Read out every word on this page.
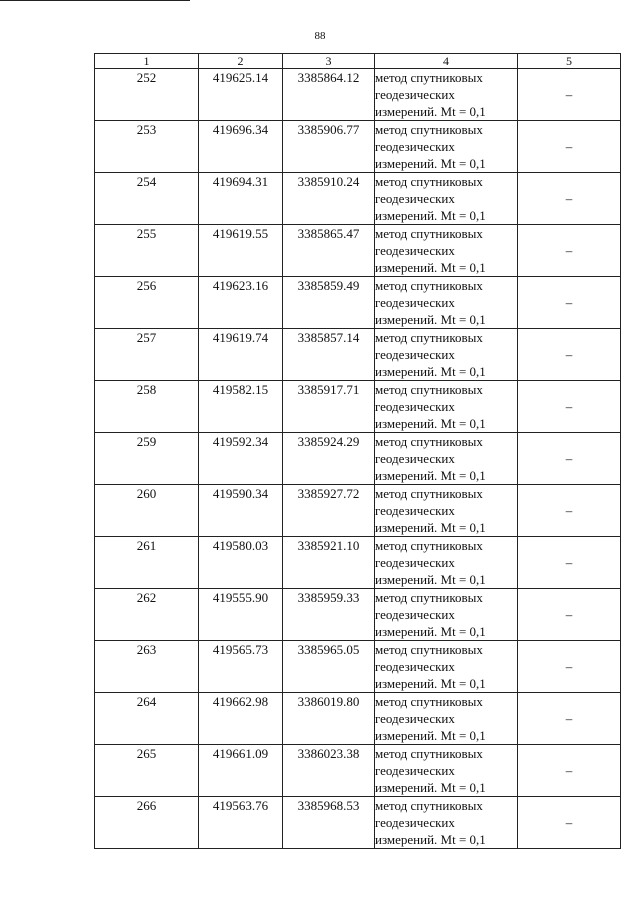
88
1	2	3	4	5
252	419625.14	3385864.12	метод спутниковых
геодезических
измерений. Mt = 0,1	–
253	419696.34	3385906.77	метод спутниковых
геодезических
измерений. Mt = 0,1	–
254	419694.31	3385910.24	метод спутниковых
геодезических
измерений. Mt = 0,1	–
255	419619.55	3385865.47	метод спутниковых
геодезических
измерений. Mt = 0,1	–
256	419623.16	3385859.49	метод спутниковых
геодезических
измерений. Mt = 0,1	–
257	419619.74	3385857.14	метод спутниковых
геодезических
измерений. Mt = 0,1	–
258	419582.15	3385917.71	метод спутниковых
геодезических
измерений. Mt = 0,1	–
259	419592.34	3385924.29	метод спутниковых
геодезических
измерений. Mt = 0,1	–
260	419590.34	3385927.72	метод спутниковых
геодезических
измерений. Mt = 0,1	–
261	419580.03	3385921.10	метод спутниковых
геодезических
измерений. Mt = 0,1	–
262	419555.90	3385959.33	метод спутниковых
геодезических
измерений. Mt = 0,1	–
263	419565.73	3385965.05	метод спутниковых
геодезических
измерений. Mt = 0,1	–
264	419662.98	3386019.80	метод спутниковых
геодезических
измерений. Mt = 0,1	–
265	419661.09	3386023.38	метод спутниковых
геодезических
измерений. Mt = 0,1	–
266	419563.76	3385968.53	метод спутниковых
геодезических
измерений. Mt = 0,1	–
